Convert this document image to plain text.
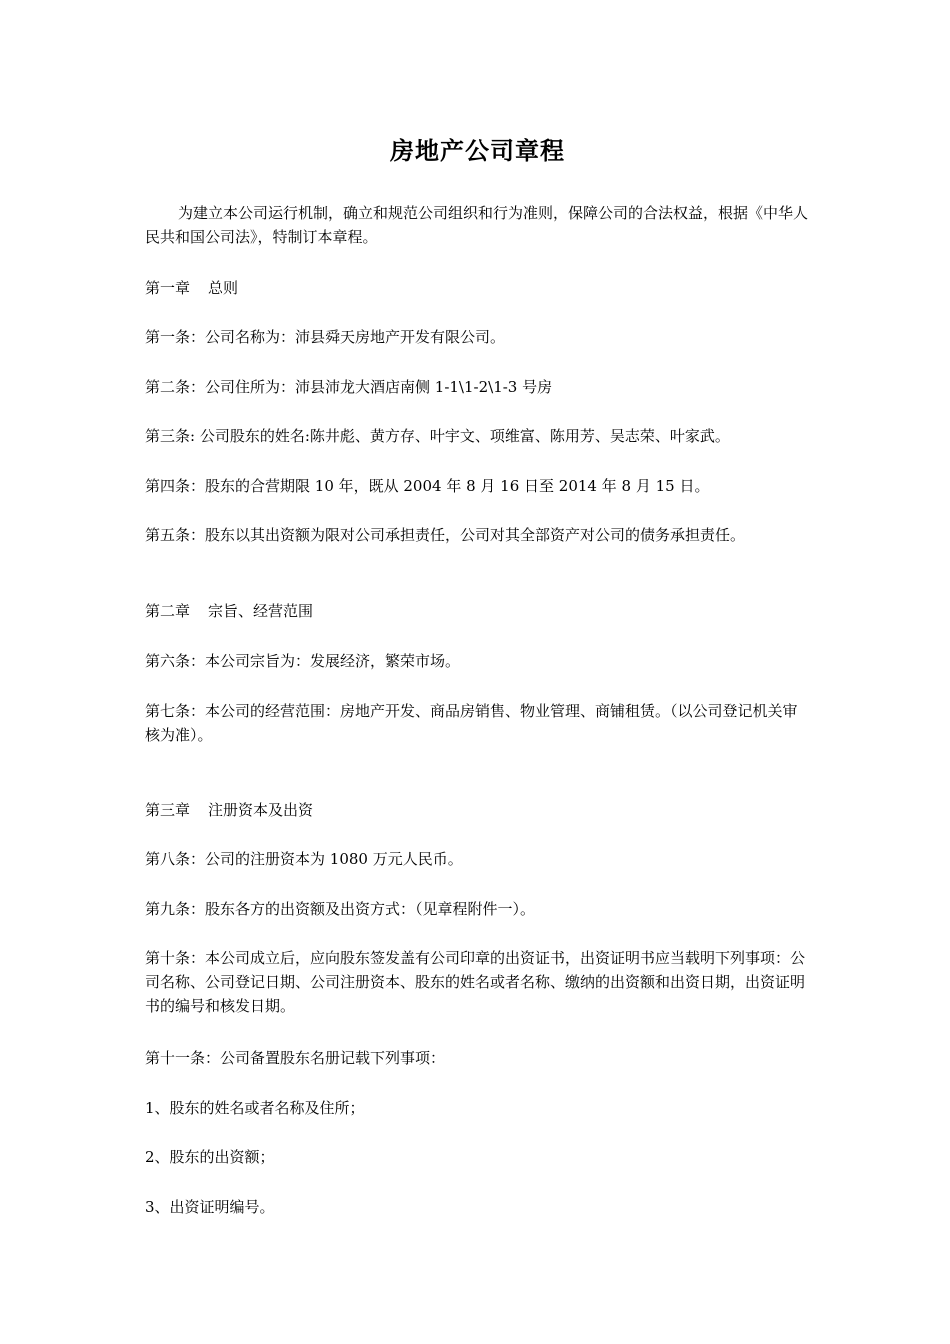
房地产公司章程
为建立本公司运行机制，确立和规范公司组织和行为准则，保障公司的合法权益，根据《中华人民共和国公司法》，特制订本章程。
第一章 总则
第一条：公司名称为：沛县舜天房地产开发有限公司。
第二条：公司住所为：沛县沛龙大酒店南侧 1-1\1-2\1-3 号房
第三条: 公司股东的姓名:陈井彪、黄方存、叶宇文、项维富、陈用芳、吴志荣、叶家武。
第四条：股东的合营期限 10 年，既从 2004 年 8 月 16 日至 2014 年 8 月 15 日。
第五条：股东以其出资额为限对公司承担责任，公司对其全部资产对公司的债务承担责任。
第二章 宗旨、经营范围
第六条：本公司宗旨为：发展经济，繁荣市场。
第七条：本公司的经营范围：房地产开发、商品房销售、物业管理、商铺租赁。（以公司登记机关审核为准）。
第三章 注册资本及出资
第八条：公司的注册资本为 1080 万元人民币。
第九条：股东各方的出资额及出资方式：（见章程附件一）。
第十条：本公司成立后，应向股东签发盖有公司印章的出资证书，出资证明书应当载明下列事项：公司名称、公司登记日期、公司注册资本、股东的姓名或者名称、缴纳的出资额和出资日期，出资证明书的编号和核发日期。
第十一条：公司备置股东名册记载下列事项：
1、股东的姓名或者名称及住所；
2、股东的出资额；
3、出资证明编号。
